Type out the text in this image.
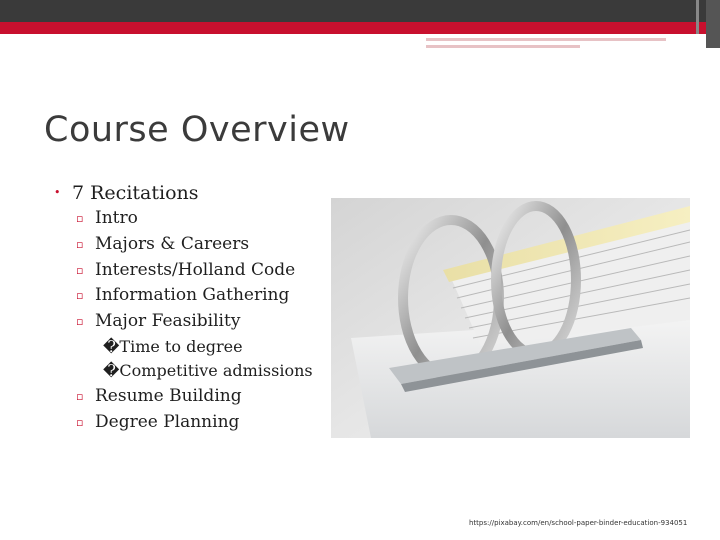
Course Overview
• 7 Recitations
▫ Intro
▫ Majors & Careers
▫ Interests/Holland Code
▫ Information Gathering
▫ Major Feasibility
�Time to degree
�Competitive admissions
▫ Resume Building
▫ Degree Planning
https://pixabay.com/en/school-paper-binder-education-934051
